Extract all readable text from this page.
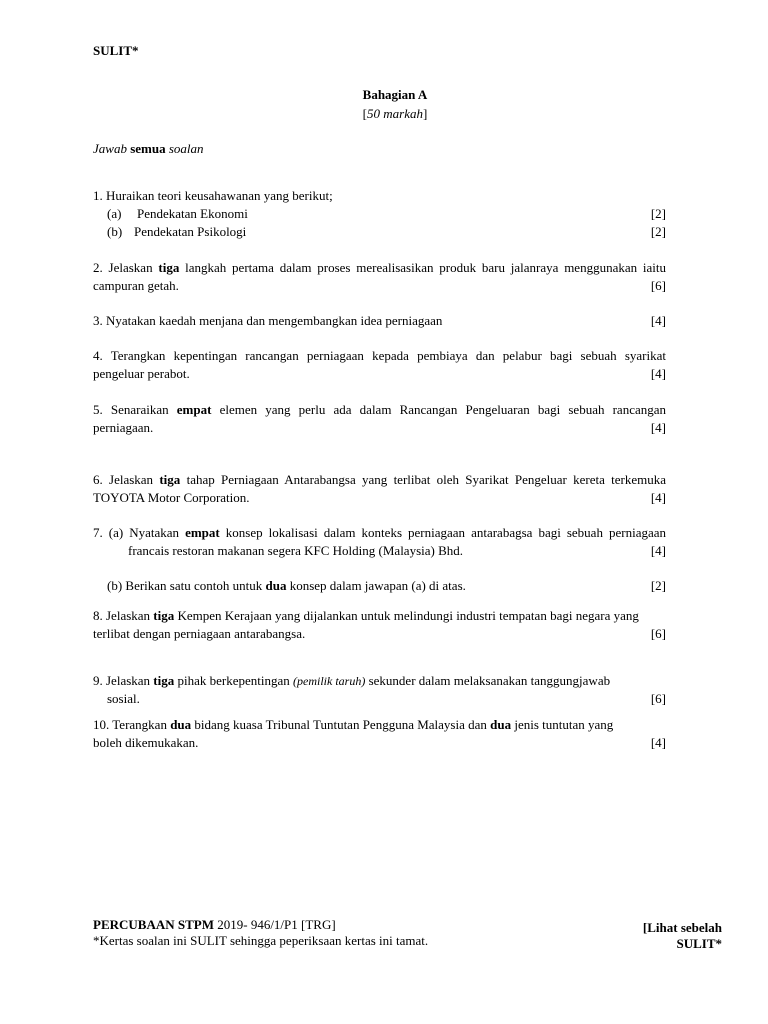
SULIT*
Bahagian A
[50 markah]
Jawab semua soalan
1. Huraikan teori keusahawanan yang berikut;
(a) Pendekatan Ekonomi	[2]
(b) Pendekatan Psikologi	[2]
2. Jelaskan tiga langkah pertama dalam proses merealisasikan produk baru jalanraya menggunakan iaitu
campuran getah.	[6]
3. Nyatakan kaedah menjana dan mengembangkan idea perniagaan	[4]
4. Terangkan kepentingan rancangan perniagaan kepada pembiaya dan pelabur bagi sebuah syarikat
pengeluar perabot.	[4]
5. Senaraikan empat elemen yang perlu ada dalam Rancangan Pengeluaran bagi sebuah rancangan
perniagaan.	[4]
6. Jelaskan tiga tahap Perniagaan Antarabangsa yang terlibat oleh Syarikat Pengeluar kereta terkemuka
TOYOTA Motor Corporation.	[4]
7. (a) Nyatakan empat konsep lokalisasi dalam konteks perniagaan antarabagsa bagi sebuah perniagaan
francais restoran makanan segera KFC Holding (Malaysia) Bhd.	[4]
(b) Berikan satu contoh untuk dua konsep dalam jawapan (a) di atas.	[2]
8. Jelaskan tiga Kempen Kerajaan yang dijalankan untuk melindungi industri tempatan bagi negara yang
terlibat dengan perniagaan antarabangsa.	[6]
9. Jelaskan tiga pihak berkepentingan (pemilik taruh) sekunder dalam melaksanakan tanggungjawab
sosial.	[6]
10. Terangkan dua bidang kuasa Tribunal Tuntutan Pengguna Malaysia dan dua jenis tuntutan yang
boleh dikemukakan.	[4]
PERCUBAAN STPM 2019- 946/1/P1 [TRG]
*Kertas soalan ini SULIT sehingga peperiksaan kertas ini tamat.
[Lihat sebelah
SULIT*
